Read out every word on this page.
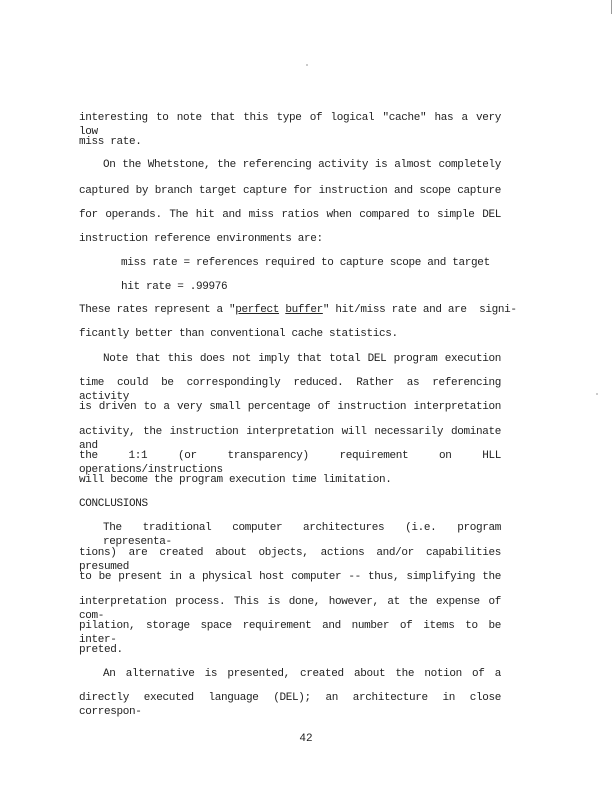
interesting to note that this type of logical "cache" has a very low
miss rate.
On the Whetstone, the referencing activity is almost completely
captured by branch target capture for instruction and scope capture
for operands. The hit and miss ratios when compared to simple DEL
instruction reference environments are:
miss rate = references required to capture scope and target
hit rate = .99976
These rates represent a "perfect buffer" hit/miss rate and are  signi-
ficantly better than conventional cache statistics.
Note that this does not imply that total DEL program execution
time could be correspondingly reduced. Rather as referencing activity
is driven to a very small percentage of instruction interpretation
activity, the instruction interpretation will necessarily dominate and
the 1:1 (or transparency) requirement on HLL operations/instructions
will become the program execution time limitation.
CONCLUSIONS
The traditional computer architectures (i.e. program representa-
tions) are created about objects, actions and/or capabilities presumed
to be present in a physical host computer -- thus, simplifying the
interpretation process. This is done, however, at the expense of com-
pilation, storage space requirement and number of items to be inter-
preted.
An alternative is presented, created about the notion of a
directly executed language (DEL); an architecture in close correspon-
42
